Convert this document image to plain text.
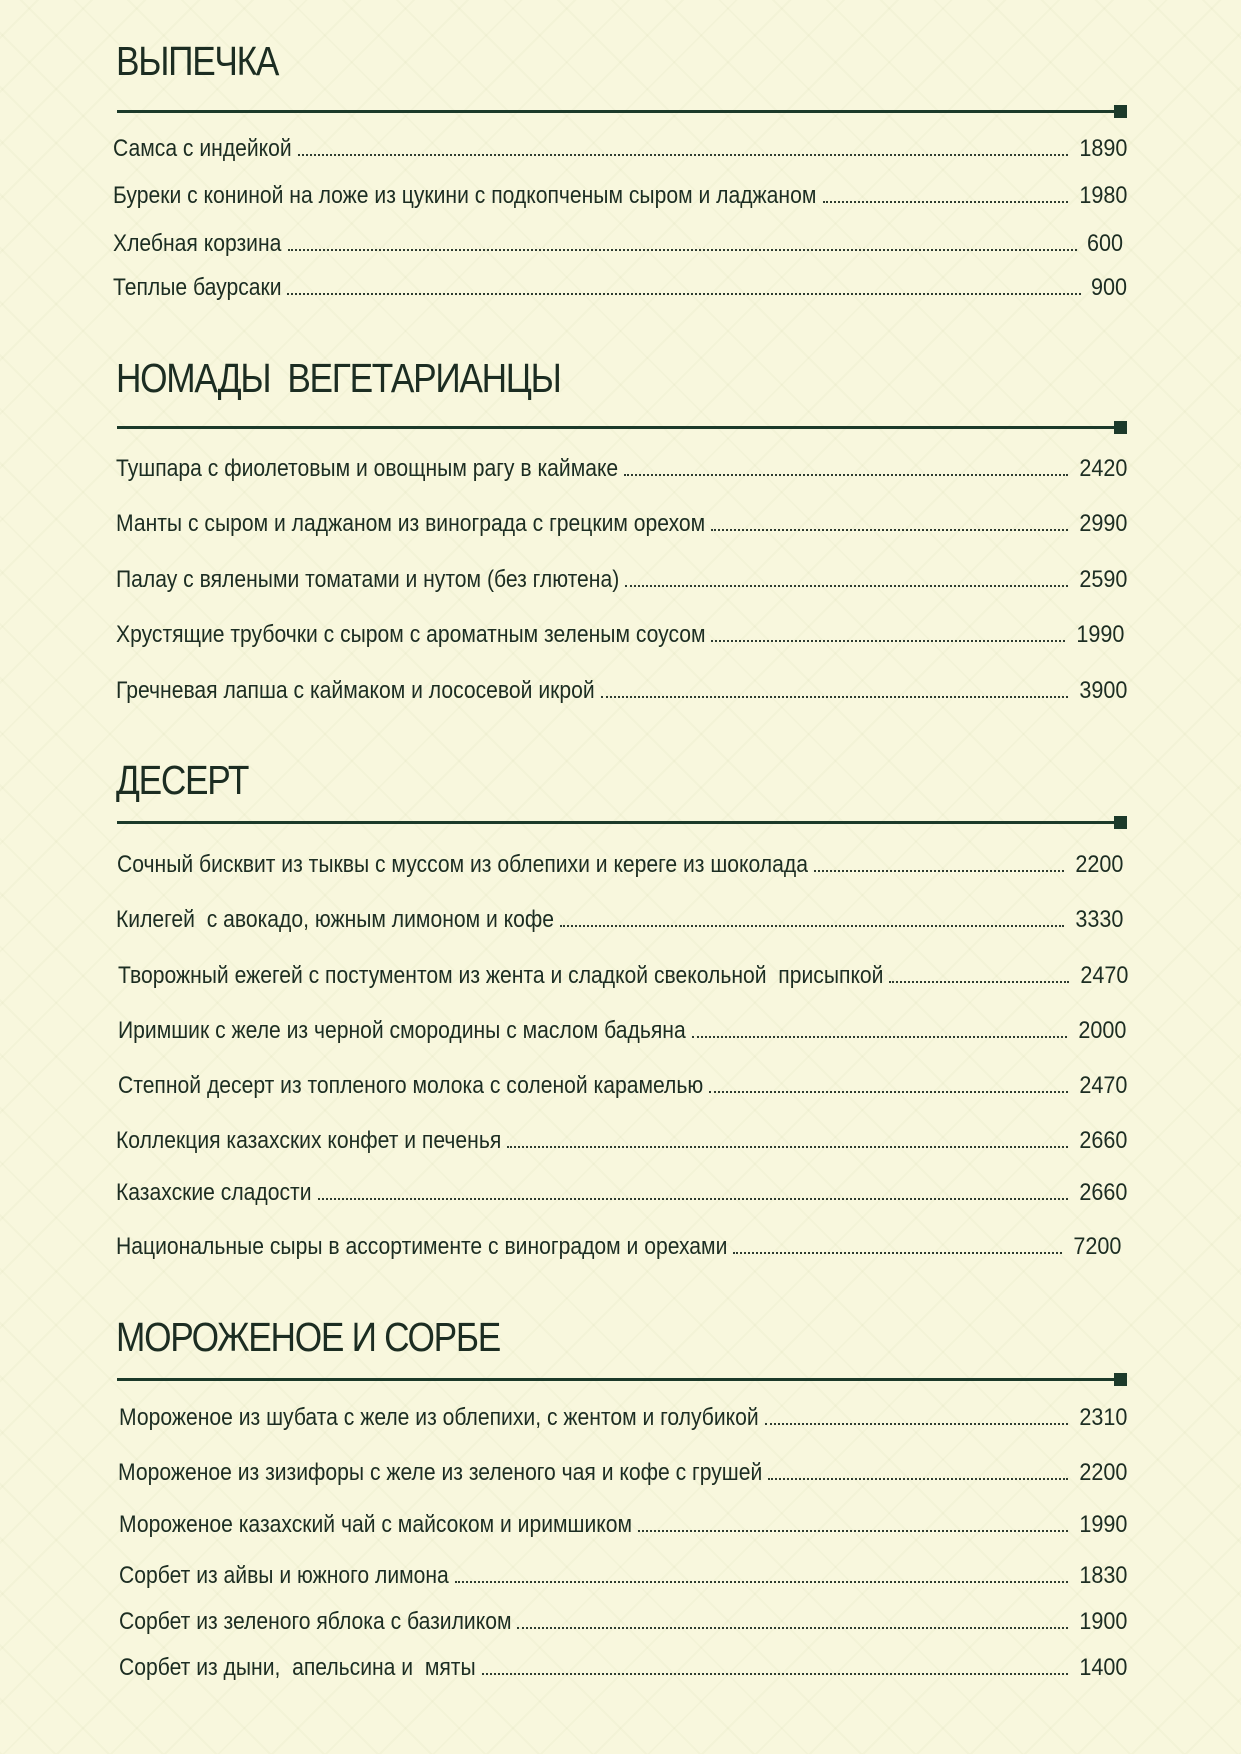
ВЫПЕЧКА
Самса с индейкой	1890
Буреки с кониной на ложе из цукини с подкопченым сыром и ладжаном	1980
Хлебная корзина	600
Теплые баурсаки	900
НОМАДЫ  ВЕГЕТАРИАНЦЫ
Тушпара с фиолетовым и овощным рагу в каймаке	2420
Манты с сыром и ладжаном из винограда с грецким орехом	2990
Палау с вялеными томатами и нутом (без глютена)	2590
Хрустящие трубочки с сыром с ароматным зеленым соусом	1990
Гречневая лапша с каймаком и лососевой икрой	3900
ДЕСЕРТ
Сочный бисквит из тыквы с муссом из облепихи и кереге из шоколада	2200
Килегей  с авокадо, южным лимоном и кофе	3330
Творожный ежегей с постументом из жента и сладкой свекольной  присыпкой	2470
Иримшик с желе из черной смородины с маслом бадьяна	2000
Степной десерт из топленого молока с соленой карамелью	2470
Коллекция казахских конфет и печенья	2660
Казахские сладости	2660
Национальные сыры в ассортименте с виноградом и орехами	7200
МОРОЖЕНОЕ И СОРБЕ
Мороженое из шубата с желе из облепихи, с жентом и голубикой	2310
Мороженое из зизифоры с желе из зеленого чая и кофе с грушей	2200
Мороженое казахский чай с майсоком и иримшиком	1990
Сорбет из айвы и южного лимона	1830
Сорбет из зеленого яблока с базиликом	1900
Сорбет из дыни,  апельсина и  мяты	1400
